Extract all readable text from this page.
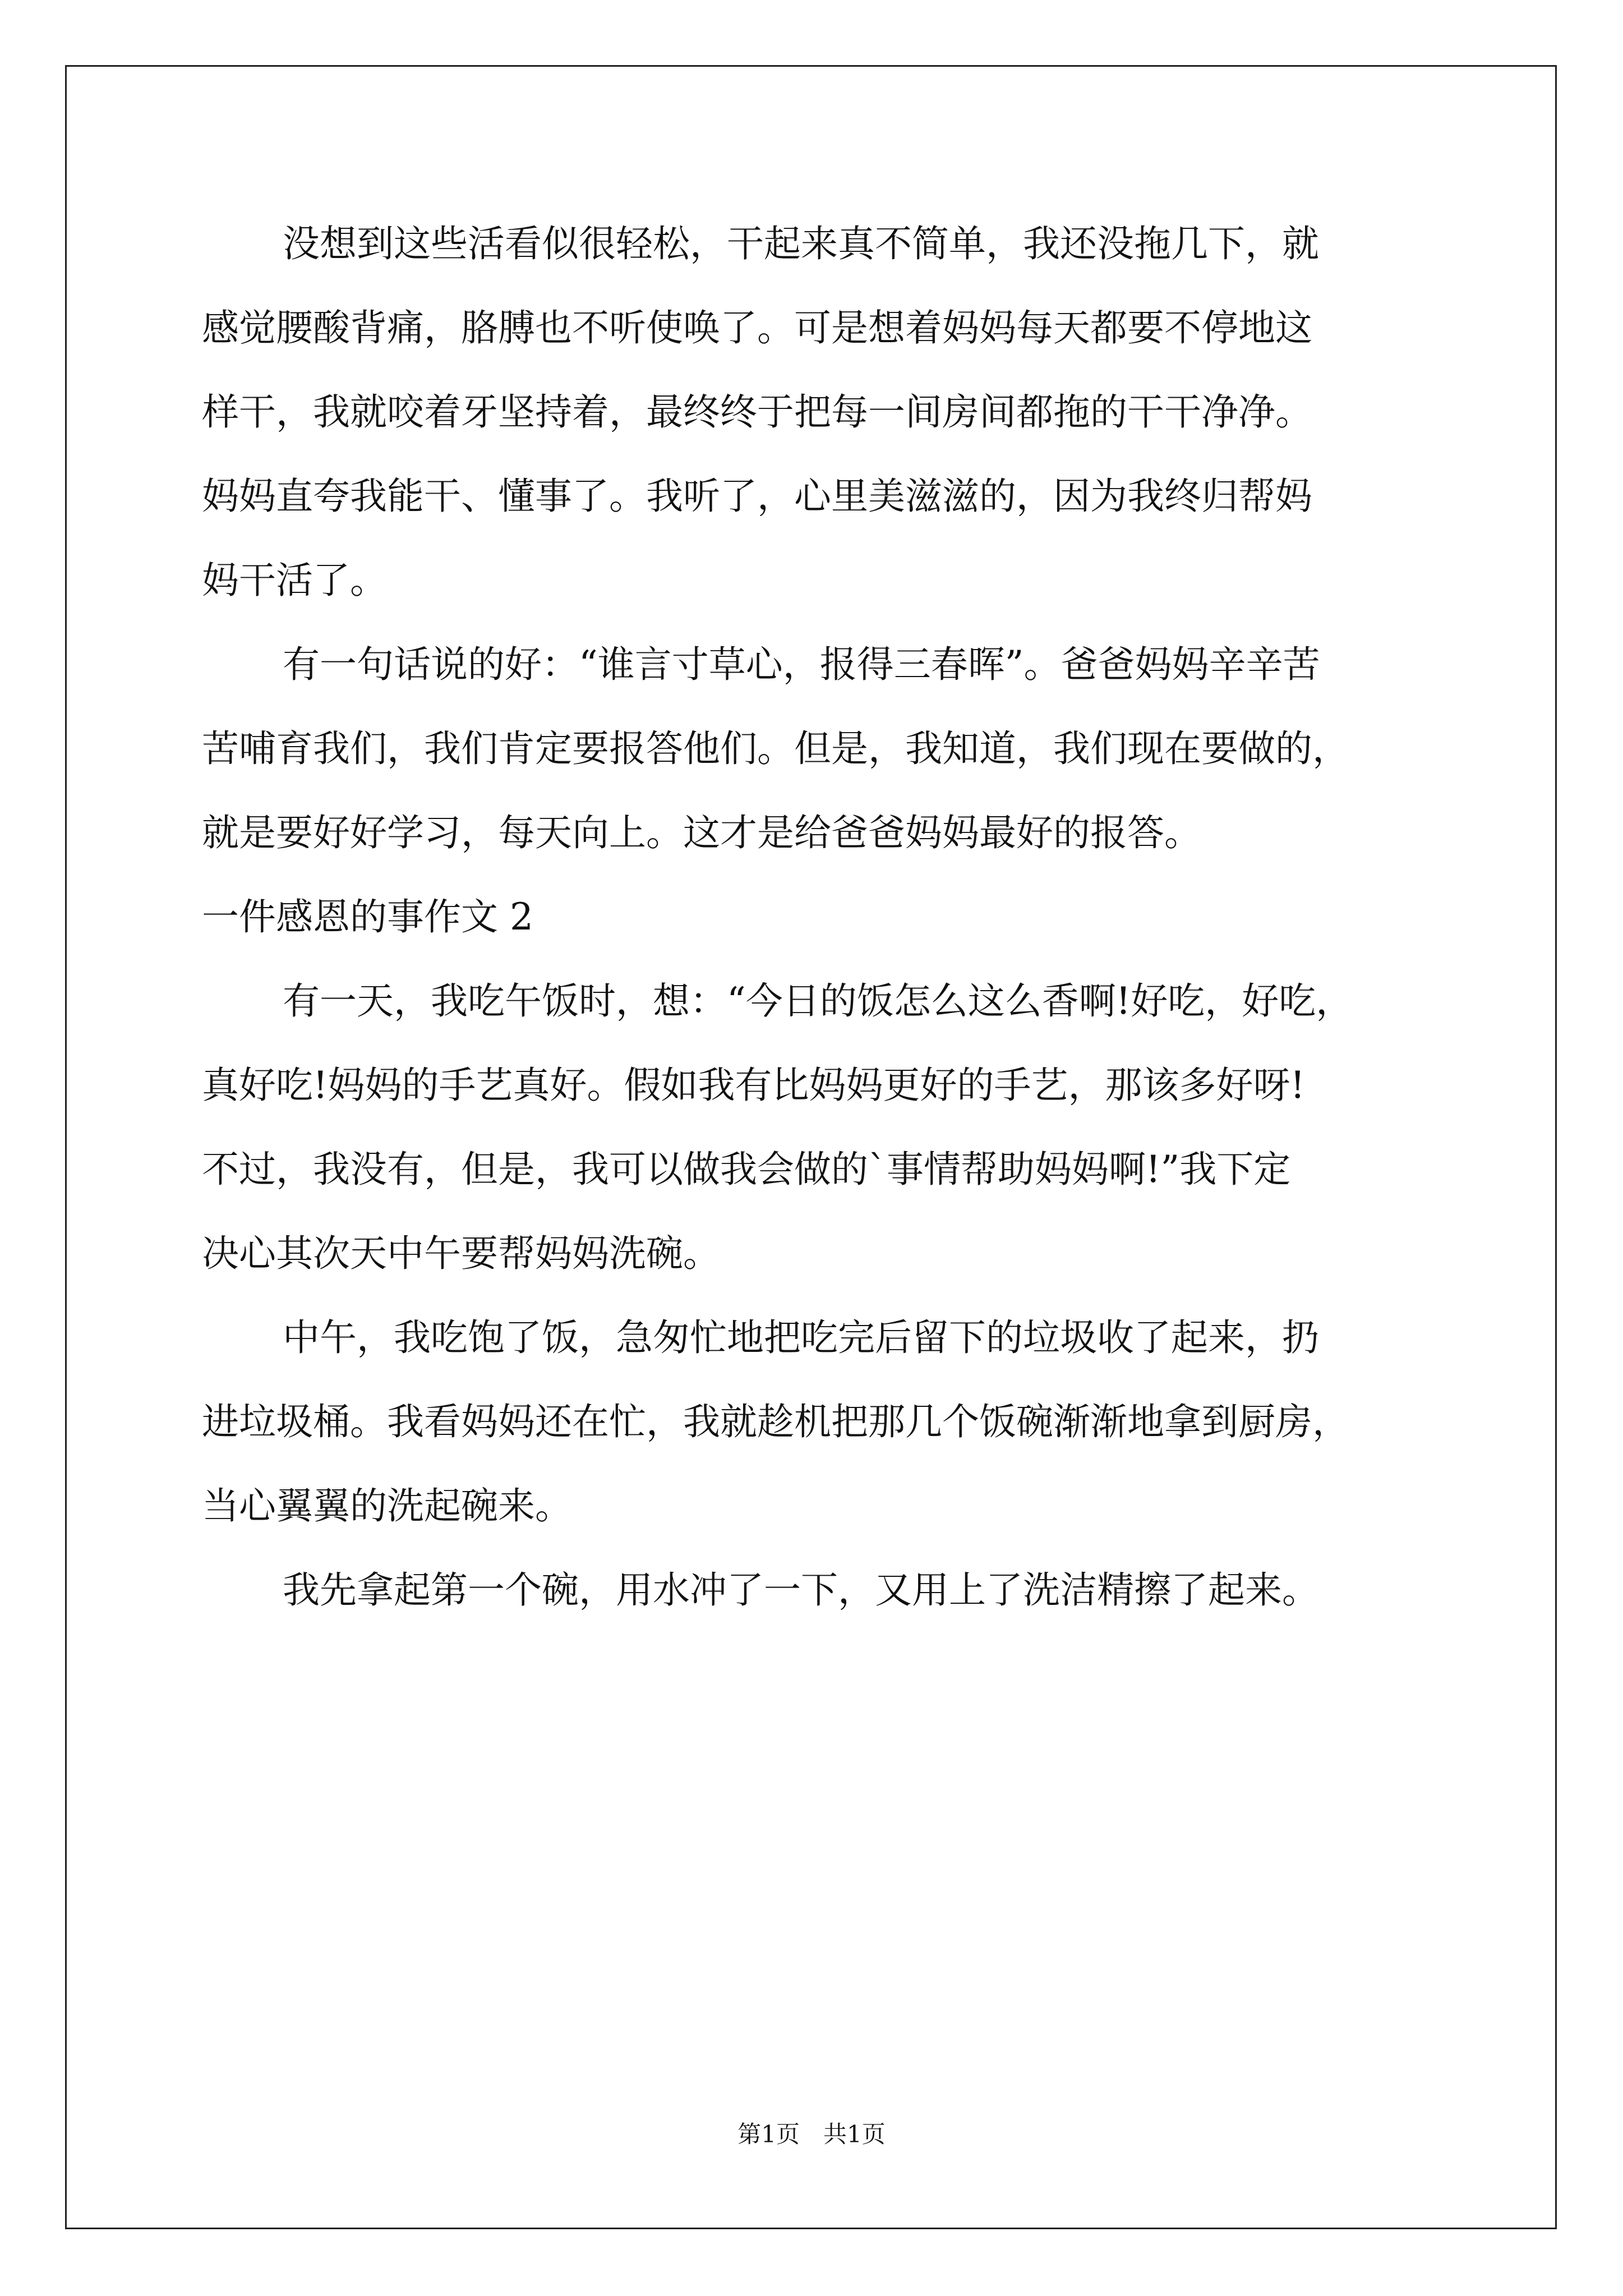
没想到这些活看似很轻松，干起来真不简单，我还没拖几下，就
感觉腰酸背痛，胳膊也不听使唤了。可是想着妈妈每天都要不停地这
样干，我就咬着牙坚持着，最终终于把每一间房间都拖的干干净净。
妈妈直夸我能干、懂事了。我听了，心里美滋滋的，因为我终归帮妈
妈干活了。
有一句话说的好：“谁言寸草心，报得三春晖”。爸爸妈妈辛辛苦
苦哺育我们，我们肯定要报答他们。但是，我知道，我们现在要做的，
就是要好好学习，每天向上。这才是给爸爸妈妈最好的报答。
一件感恩的事作文 2
有一天，我吃午饭时，想：“今日的饭怎么这么香啊!好吃，好吃，
真好吃!妈妈的手艺真好。假如我有比妈妈更好的手艺，那该多好呀!
不过，我没有，但是，我可以做我会做的`事情帮助妈妈啊!”我下定
决心其次天中午要帮妈妈洗碗。
中午，我吃饱了饭，急匆忙地把吃完后留下的垃圾收了起来，扔
进垃圾桶。我看妈妈还在忙，我就趁机把那几个饭碗渐渐地拿到厨房，
当心翼翼的洗起碗来。
我先拿起第一个碗，用水冲了一下，又用上了洗洁精擦了起来。
第1页　共1页
